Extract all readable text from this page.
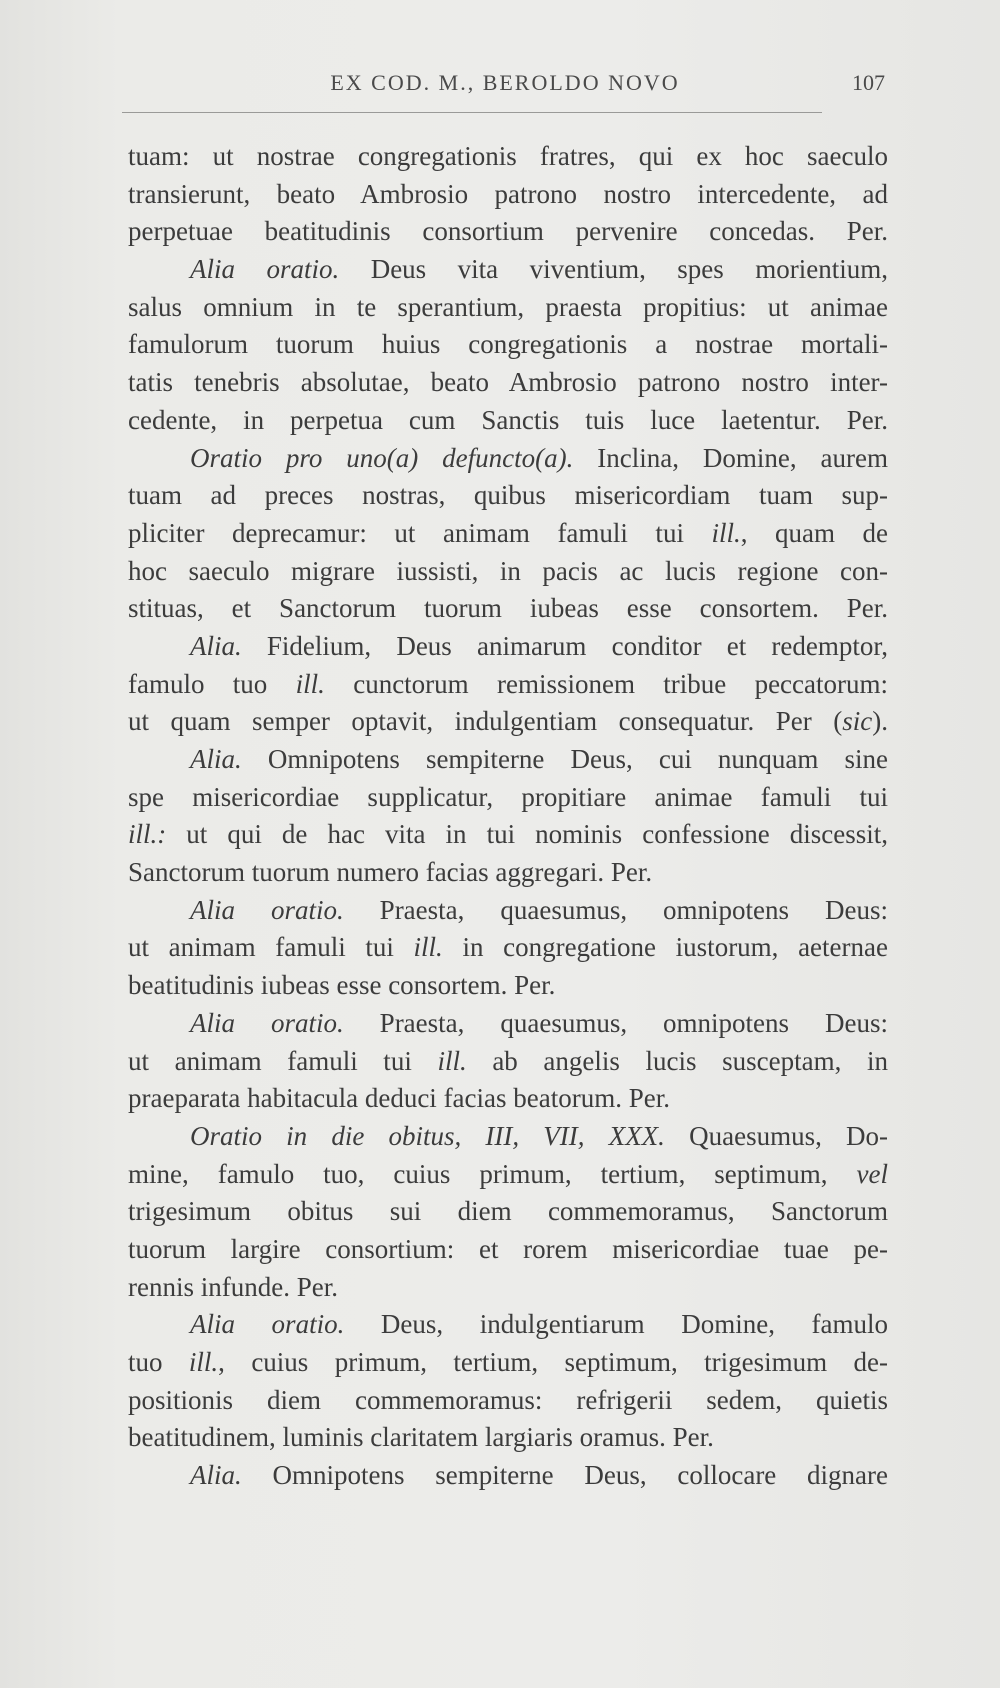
EX COD. M., BEROLDO NOVO	107
tuam: ut nostrae congregationis fratres, qui ex hoc saeculo
transierunt, beato Ambrosio patrono nostro intercedente, ad
perpetuae beatitudinis consortium pervenire concedas. Per.
Alia oratio. Deus vita viventium, spes morientium,
salus omnium in te sperantium, praesta propitius: ut animae
famulorum tuorum huius congregationis a nostrae mortali-
tatis tenebris absolutae, beato Ambrosio patrono nostro inter-
cedente, in perpetua cum Sanctis tuis luce laetentur. Per.
Oratio pro uno(a) defuncto(a). Inclina, Domine, aurem
tuam ad preces nostras, quibus misericordiam tuam sup-
pliciter deprecamur: ut animam famuli tui ill., quam de
hoc saeculo migrare iussisti, in pacis ac lucis regione con-
stituas, et Sanctorum tuorum iubeas esse consortem. Per.
Alia. Fidelium, Deus animarum conditor et redemptor,
famulo tuo ill. cunctorum remissionem tribue peccatorum:
ut quam semper optavit, indulgentiam consequatur. Per (sic).
Alia. Omnipotens sempiterne Deus, cui nunquam sine
spe misericordiae supplicatur, propitiare animae famuli tui
ill.: ut qui de hac vita in tui nominis confessione discessit,
Sanctorum tuorum numero facias aggregari. Per.
Alia oratio. Praesta, quaesumus, omnipotens Deus:
ut animam famuli tui ill. in congregatione iustorum, aeternae
beatitudinis iubeas esse consortem. Per.
Alia oratio. Praesta, quaesumus, omnipotens Deus:
ut animam famuli tui ill. ab angelis lucis susceptam, in
praeparata habitacula deduci facias beatorum. Per.
Oratio in die obitus, III, VII, XXX. Quaesumus, Do-
mine, famulo tuo, cuius primum, tertium, septimum, vel
trigesimum obitus sui diem commemoramus, Sanctorum
tuorum largire consortium: et rorem misericordiae tuae pe-
rennis infunde. Per.
Alia oratio. Deus, indulgentiarum Domine, famulo
tuo ill., cuius primum, tertium, septimum, trigesimum de-
positionis diem commemoramus: refrigerii sedem, quietis
beatitudinem, luminis claritatem largiaris oramus. Per.
Alia. Omnipotens sempiterne Deus, collocare dignare
